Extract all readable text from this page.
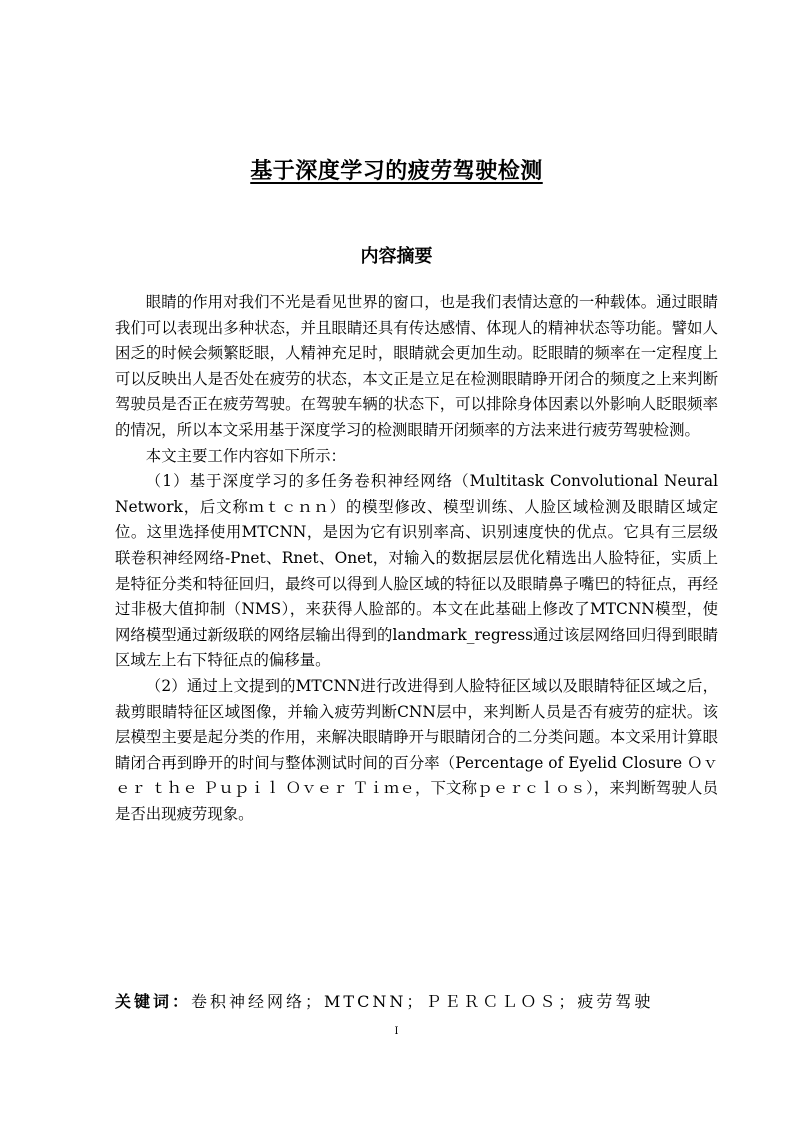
基于深度学习的疲劳驾驶检测
内容摘要

眼睛的作用对我们不光是看见世界的窗口，也是我们表情达意的一种载体。通过眼睛我们可以表现出多种状态，并且眼睛还具有传达感情、体现人的精神状态等功能。譬如人困乏的时候会频繁眨眼，人精神充足时，眼睛就会更加生动。眨眼睛的频率在一定程度上可以反映出人是否处在疲劳的状态，本文正是立足在检测眼睛睁开闭合的频度之上来判断驾驶员是否正在疲劳驾驶。在驾驶车辆的状态下，可以排除身体因素以外影响人眨眼频率的情况，所以本文采用基于深度学习的检测眼睛开闭频率的方法来进行疲劳驾驶检测。

本文主要工作内容如下所示：

（1）基于深度学习的多任务卷积神经网络（Multitask Convolutional Neural Network，后文称ｍｔｃｎｎ）的模型修改、模型训练、人脸区域检测及眼睛区域定位。这里选择使用MTCNN，是因为它有识别率高、识别速度快的优点。它具有三层级联卷积神经网络-Pnet、Rnet、Onet，对输入的数据层层优化精选出人脸特征，实质上是特征分类和特征回归，最终可以得到人脸区域的特征以及眼睛鼻子嘴巴的特征点，再经过非极大值抑制（NMS），来获得人脸部的。本文在此基础上修改了MTCNN模型，使网络模型通过新级联的网络层输出得到的landmark_regress通过该层网络回归得到眼睛区域左上右下特征点的偏移量。

（2）通过上文提到的MTCNN进行改进得到人脸特征区域以及眼睛特征区域之后，裁剪眼睛特征区域图像，并输入疲劳判断CNN层中，来判断人员是否有疲劳的症状。该层模型主要是起分类的作用，来解决眼睛睁开与眼睛闭合的二分类问题。本文采用计算眼睛闭合再到睁开的时间与整体测试时间的百分率（Percentage of Eyelid Closure Ｏｖｅｒ ｔｈｅ Ｐｕｐｉｌ Ｏｖｅｒ Ｔｉｍｅ，下文称ｐｅｒｃｌｏｓ），来判断驾驶人员是否出现疲劳现象。

关键词：卷积神经网络；MTCNN；ＰＥＲＣＬＯＳ；疲劳驾驶
I
